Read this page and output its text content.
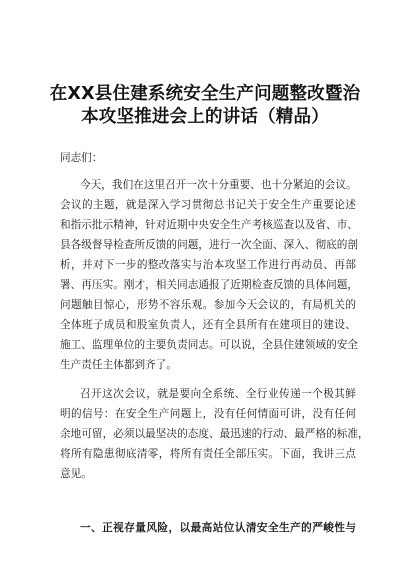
在XX县住建系统安全生产问题整改暨治
本攻坚推进会上的讲话（精品）
同志们：
今天，我们在这里召开一次十分重要、也十分紧迫的会议。
会议的主题，就是深入学习贯彻总书记关于安全生产重要论述
和指示批示精神，针对近期中央安全生产考核巡查以及省、市、
县各级督导检查所反馈的问题，进行一次全面、深入、彻底的剖
析，并对下一步的整改落实与治本攻坚工作进行再动员、再部
署、再压实。刚才，相关同志通报了近期检查反馈的具体问题，
问题触目惊心，形势不容乐观。参加今天会议的，有局机关的
全体班子成员和股室负责人，还有全县所有在建项目的建设、
施工、监理单位的主要负责同志。可以说，全县住建领域的安全
生产责任主体都到齐了。
召开这次会议，就是要向全系统、全行业传递一个极其鲜
明的信号：在安全生产问题上，没有任何情面可讲，没有任何
余地可留，必须以最坚决的态度、最迅速的行动、最严格的标准，
将所有隐患彻底清零，将所有责任全部压实。下面，我讲三点
意见。
一、正视存量风险，以最高站位认清安全生产的严峻性与
